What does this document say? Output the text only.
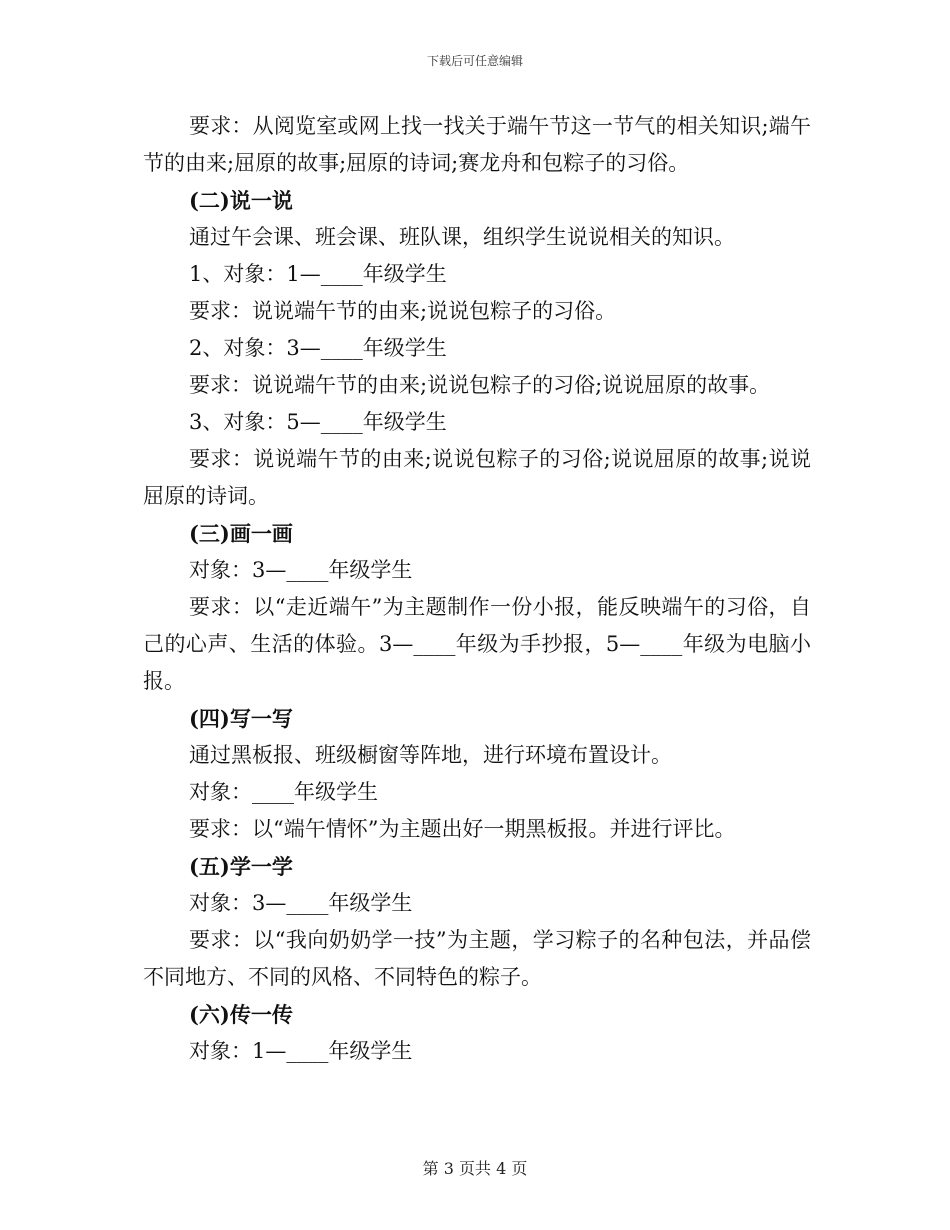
下载后可任意编辑

要求：从阅览室或网上找一找关于端午节这一节气的相关知识;端午节的由来;屈原的故事;屈原的诗词;赛龙舟和包粽子的习俗。

(二)说一说

通过午会课、班会课、班队课，组织学生说说相关的知识。

1、对象：1—____年级学生

要求：说说端午节的由来;说说包粽子的习俗。

2、对象：3—____年级学生

要求：说说端午节的由来;说说包粽子的习俗;说说屈原的故事。

3、对象：5—____年级学生

要求：说说端午节的由来;说说包粽子的习俗;说说屈原的故事;说说屈原的诗词。

(三)画一画

对象：3—____年级学生

要求：以“走近端午”为主题制作一份小报，能反映端午的习俗，自己的心声、生活的体验。3—____年级为手抄报，5—____年级为电脑小报。

(四)写一写

通过黑板报、班级橱窗等阵地，进行环境布置设计。

对象：____年级学生

要求：以“端午情怀”为主题出好一期黑板报。并进行评比。

(五)学一学

对象：3—____年级学生

要求：以“我向奶奶学一技”为主题，学习粽子的名种包法，并品偿不同地方、不同的风格、不同特色的粽子。

(六)传一传

对象：1—____年级学生

第 3 页共 4 页
